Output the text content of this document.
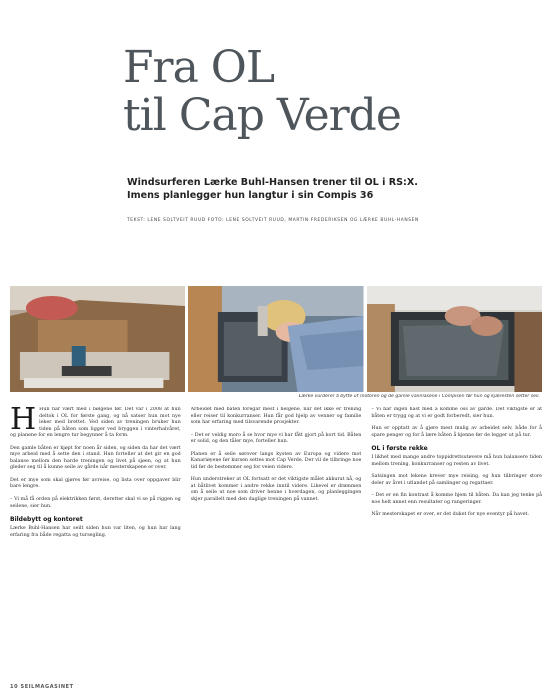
Fra OL
til Cap Verde
Windsurferen Lærke Buhl-Hansen trener til OL i RS:X.
Imens planlegger hun langtur i sin Compis 36
TEKST: LENE SOLTVEIT RUUD FOTO: LENE SOLTVEIT RUUD, MARTIN FREDERIKSEN OG LÆRKE BUHL-HANSEN
Lærke vurderer å bytte ut motoren og de gamle vannlasene i Compisen før hun og kjæresten setter seil.

H Hun har vært med i bølgene før. Det var i 2008 at hun deltok i OL for første gang, og nå satser hun mot nye leker med brettet. Ved siden av treningen bruker hun tiden på båten som ligger ved bryggen i vinterhalvåret, og planene for en lengre tur begynner å ta form.

Den gamle båten er kjøpt for noen år siden, og siden da har det vært mye arbeid med å sette den i stand. Hun forteller at det gir en god balanse mellom den harde treningen og livet på sjøen, og at hun gleder seg til å kunne seile av gårde når mesterskapene er over.

Det er mye som skal gjøres før avreise, og lista over oppgaver blir bare lengre.

– Vi må få orden på elektrikken først, deretter skal vi se på riggen og seilene, sier hun.

Bildebytt og kontoret

Lærke Buhl-Hansen har seilt siden hun var liten, og hun har lang erfaring fra både regatta og tursegling.

Arbeidet med båten foregår mest i helgene, når det ikke er trening eller reiser til konkurranser. Hun får god hjelp av venner og familie som har erfaring med tilsvarende prosjekter.

– Det er veldig moro å se hvor mye vi har fått gjort på kort tid. Båten er solid, og den tåler mye, forteller hun.

Planen er å seile sørover langs kysten av Europa og videre mot Kanariøyene før kursen settes mot Cap Verde. Der vil de tilbringe noe tid før de bestemmer seg for veien videre.

Hun understreker at OL fortsatt er det viktigste målet akkurat nå, og at båtlivet kommer i andre rekke inntil videre. Likevel er drømmen om å seile ut noe som driver henne i hverdagen, og planleggingen skjer parallelt med den daglige treningen på vannet.

– Vi har ingen hast med å komme oss av gårde. Det viktigste er at båten er trygg og at vi er godt forberedt, sier hun.

Hun er opptatt av å gjøre mest mulig av arbeidet selv, både for å spare penger og for å lære båten å kjenne før de legger ut på tur.

OL i første rekke

I likhet med mange andre toppidrettsutøvere må hun balansere tiden mellom trening, konkurranser og resten av livet.

Satsingen mot lekene krever mye reising, og hun tilbringer store deler av året i utlandet på samlinger og regattaer.

– Det er en fin kontrast å komme hjem til båten. Da kan jeg tenke på noe helt annet enn resultater og rangeringer.

Når mesterskapet er over, er det duket for nye eventyr på havet.

10 SEILMAGASINET
